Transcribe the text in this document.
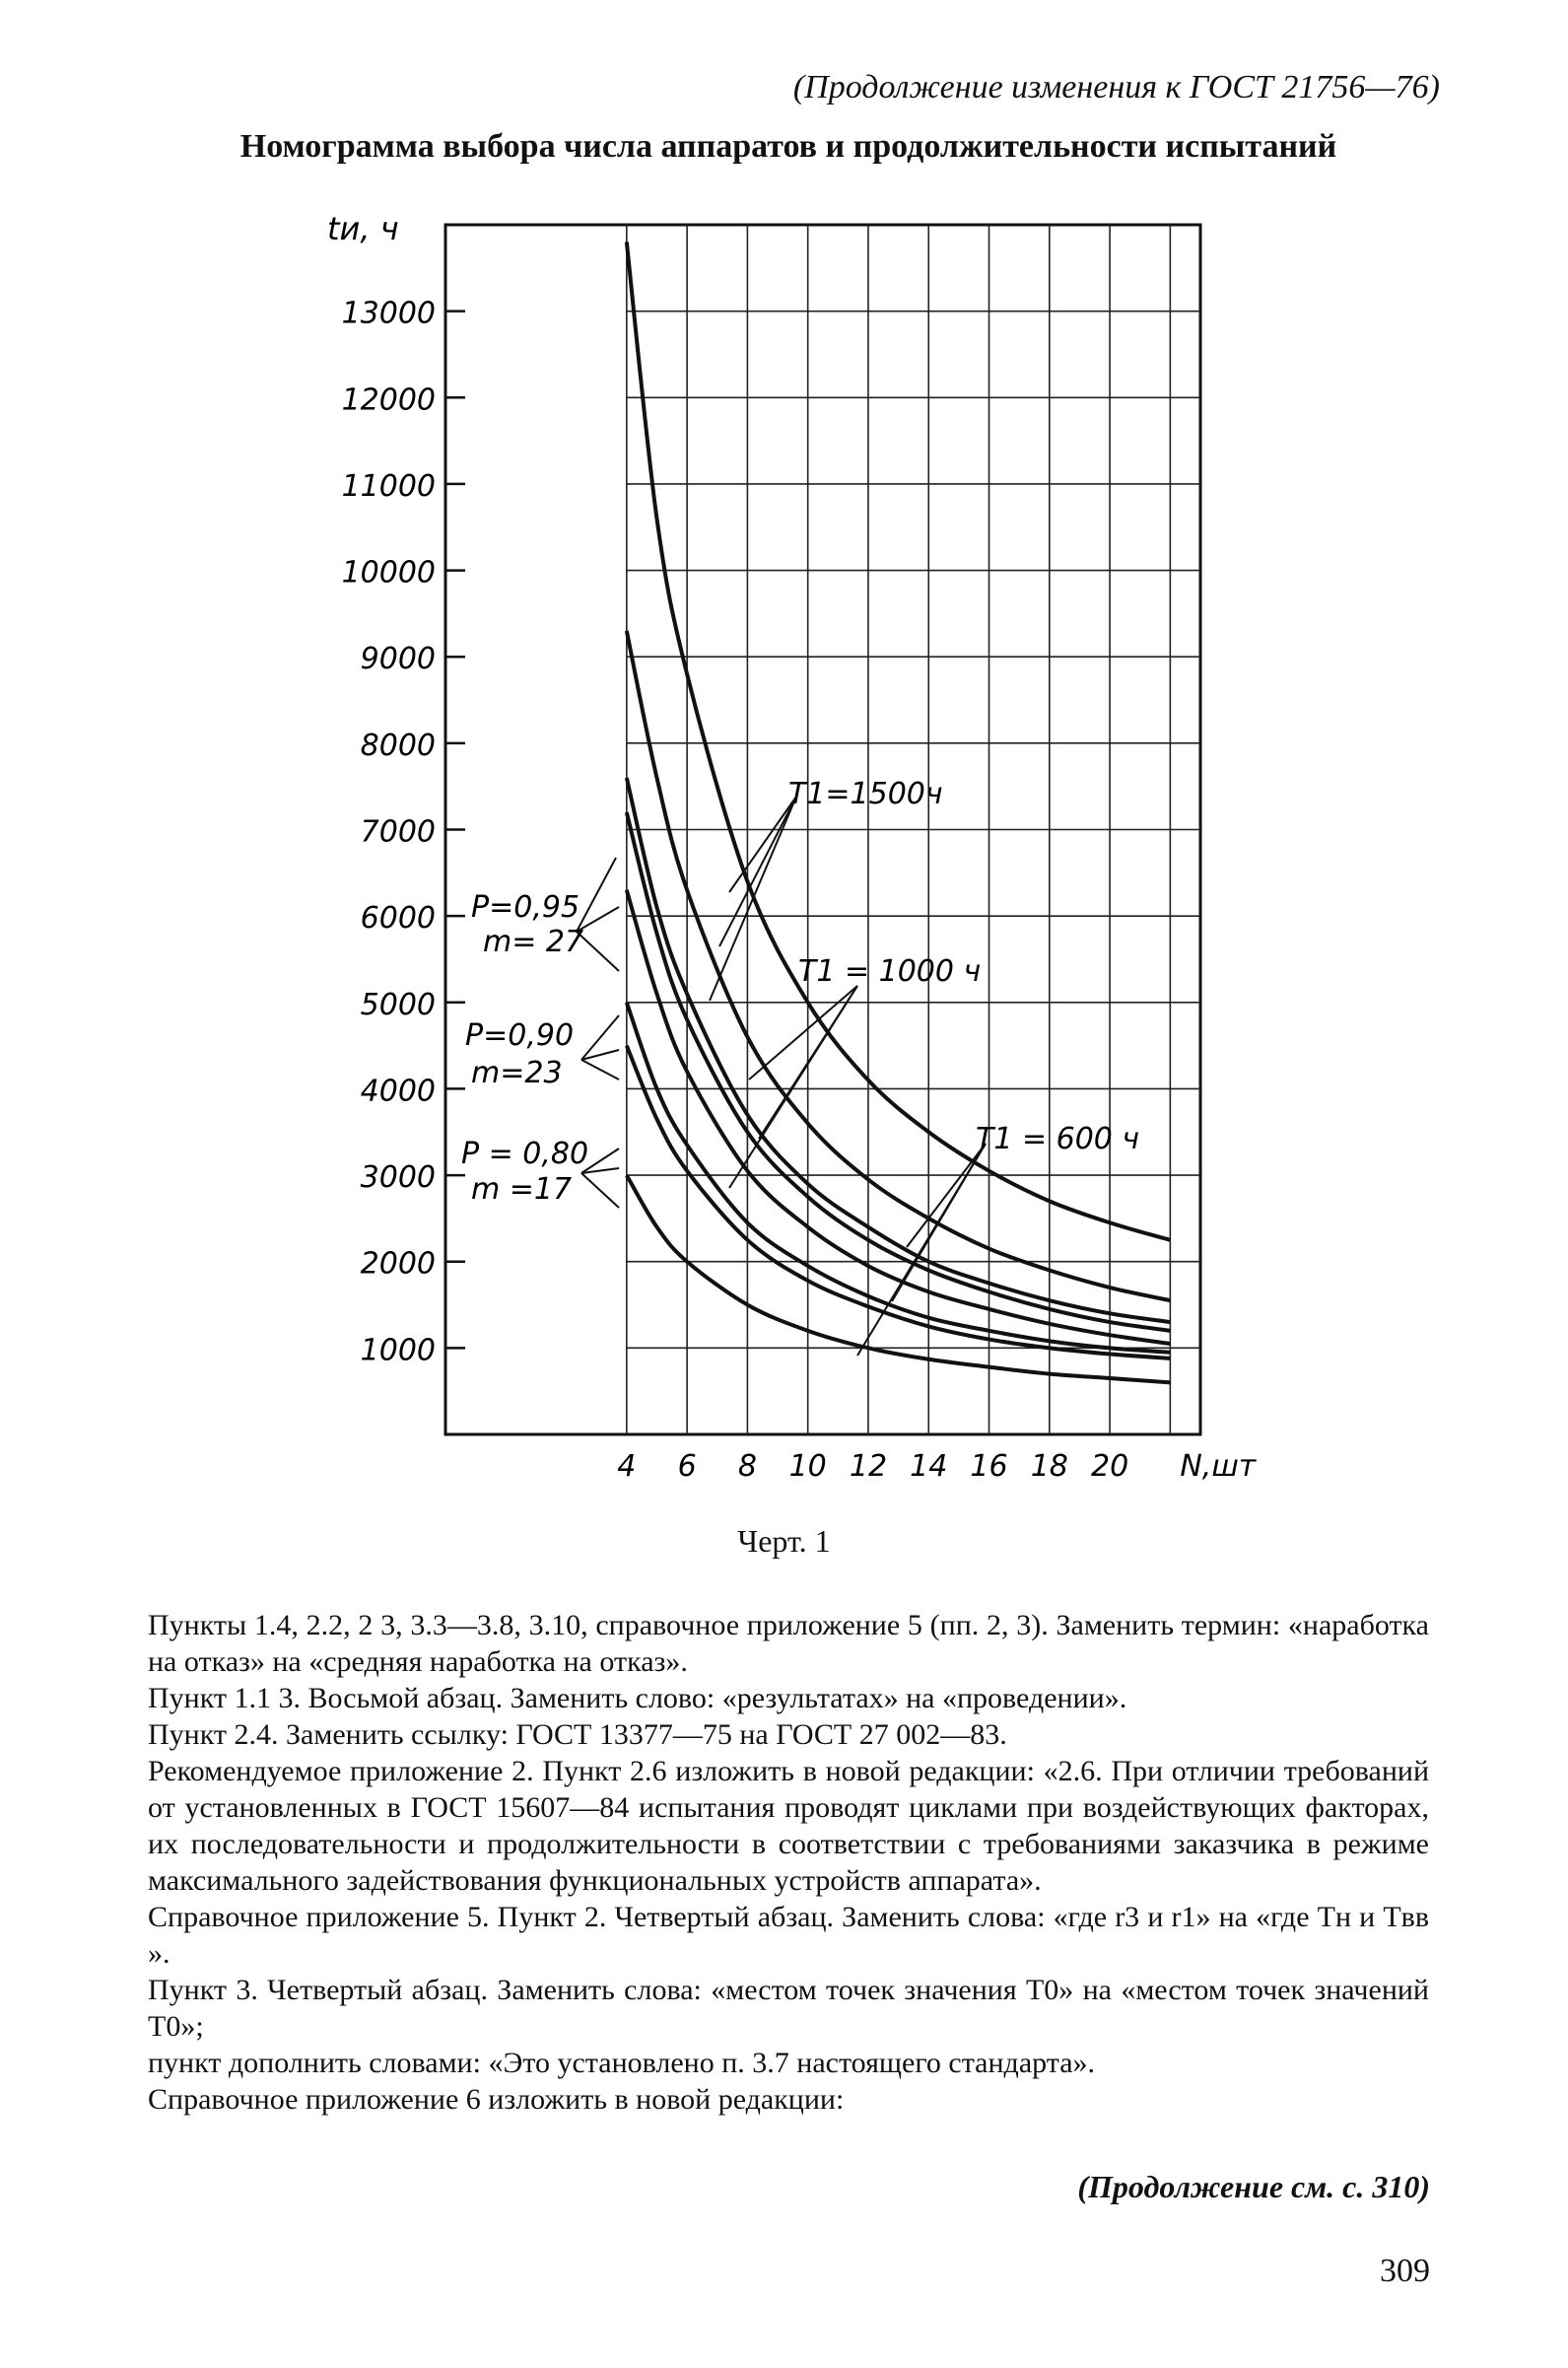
(Продолжение изменения к ГОСТ 21756—76)
Номограмма выбора числа аппаратов и продолжительности испытаний
13000
12000
11000
10000
9000
8000
7000
6000
5000
4000
3000
2000
1000
4 6 8 10 12 14 16 18 20
tи, ч
N,шт
T1=1500ч
T1 = 1000 ч
T1 = 600 ч
P=0,95
m= 27
P=0,90
m=23
P = 0,80
m =17
Черт. 1

Пункты 1.4, 2.2, 2 3, 3.3—3.8, 3.10, справочное приложение 5 (пп. 2, 3). Заменить термин: «наработка на отказ» на «средняя наработка на отказ».

Пункт 1.1 3. Восьмой абзац. Заменить слово: «результатах» на «проведении».

Пункт 2.4. Заменить ссылку: ГОСТ 13377—75 на ГОСТ 27 002—83.

Рекомендуемое приложение 2. Пункт 2.6 изложить в новой редакции: «2.6. При отличии требований от установленных в ГОСТ 15607—84 испытания проводят циклами при воздействующих факторах, их последовательности и продолжительности в соответствии с требованиями заказчика в режиме максимального задействования функциональных устройств аппарата».

Справочное приложение 5. Пункт 2. Четвертый абзац. Заменить слова: «где r3 и r1» на «где Tн и Tвв ».

Пункт 3. Четвертый абзац. Заменить слова: «местом точек значения T0» на «местом точек значений T0»;

пункт дополнить словами: «Это установлено п. 3.7 настоящего стандарта».

Справочное приложение 6 изложить в новой редакции:

(Продолжение см. с. 310)
309
